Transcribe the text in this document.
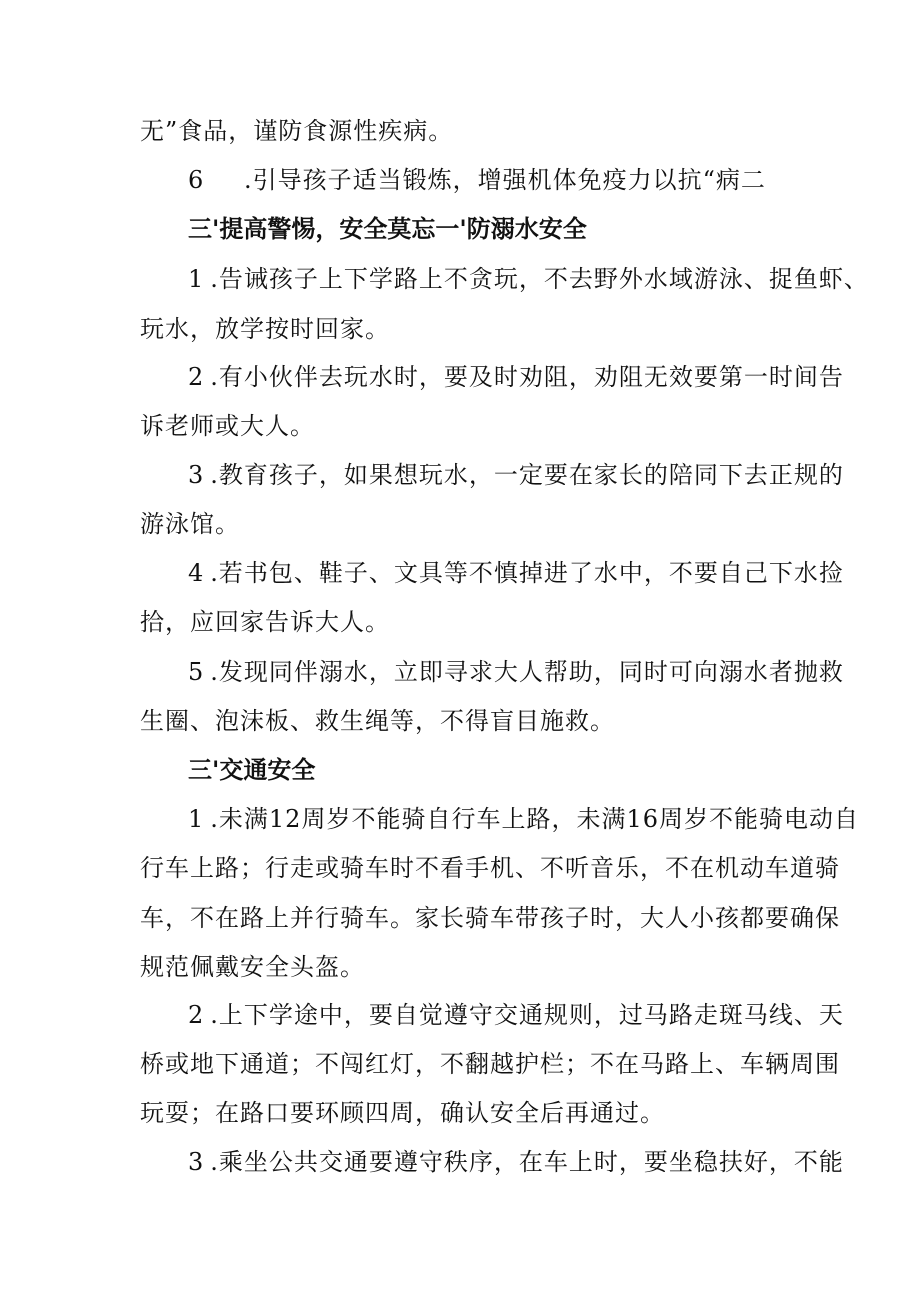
无”食品，谨防食源性疾病。
6 .引导孩子适当锻炼，增强机体免疫力以抗“病二
三'提高警惕，安全莫忘一'防溺水安全
1 .告诫孩子上下学路上不贪玩，不去野外水域游泳、捉鱼虾、
玩水，放学按时回家。
2 .有小伙伴去玩水时，要及时劝阻，劝阻无效要第一时间告
诉老师或大人。
3 .教育孩子，如果想玩水，一定要在家长的陪同下去正规的
游泳馆。
4 .若书包、鞋子、文具等不慎掉进了水中，不要自己下水捡
拾，应回家告诉大人。
5 .发现同伴溺水，立即寻求大人帮助，同时可向溺水者抛救
生圈、泡沫板、救生绳等，不得盲目施救。
三'交通安全
1 .未满12周岁不能骑自行车上路，未满16周岁不能骑电动自
行车上路；行走或骑车时不看手机、不听音乐，不在机动车道骑
车，不在路上并行骑车。家长骑车带孩子时，大人小孩都要确保
规范佩戴安全头盔。
2 .上下学途中，要自觉遵守交通规则，过马路走斑马线、天
桥或地下通道；不闯红灯，不翻越护栏；不在马路上、车辆周围
玩耍；在路口要环顾四周，确认安全后再通过。
3 .乘坐公共交通要遵守秩序，在车上时，要坐稳扶好，不能
